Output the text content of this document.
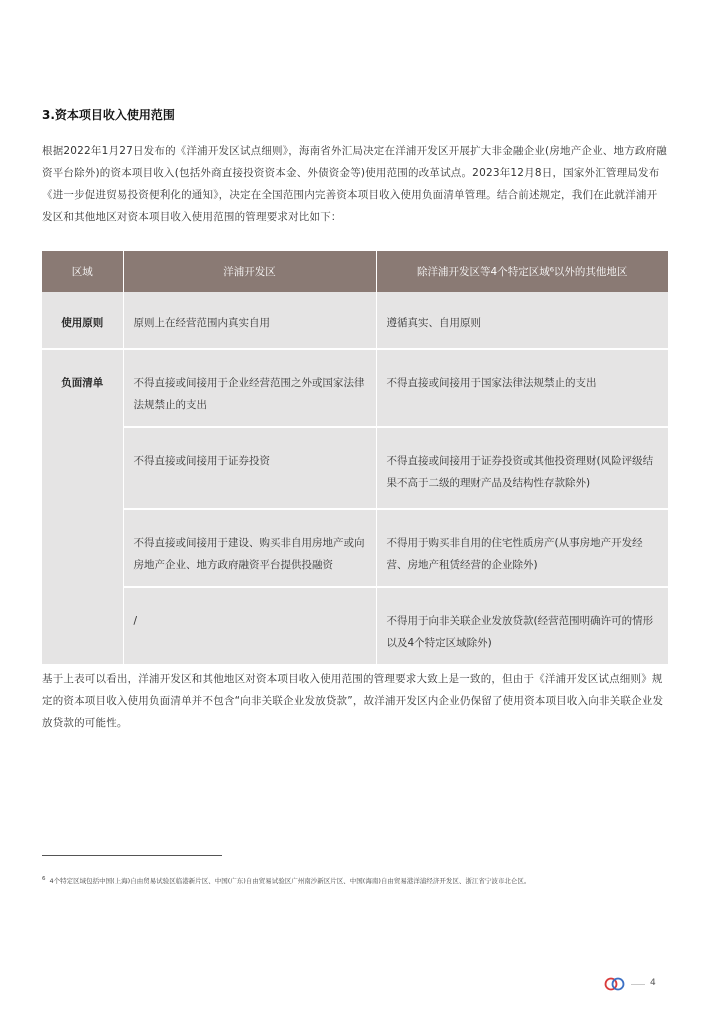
3.资本项目收入使用范围
根据2022年1月27日发布的《洋浦开发区试点细则》，海南省外汇局决定在洋浦开发区开展扩大非金融企业(房地产企业、地方政府融资平台除外)的资本项目收入(包括外商直接投资资本金、外债资金等)使用范围的改革试点。2023年12月8日，国家外汇管理局发布《进一步促进贸易投资便利化的通知》，决定在全国范围内完善资本项目收入使用负面清单管理。结合前述规定，我们在此就洋浦开发区和其他地区对资本项目收入使用范围的管理要求对比如下：
区域	洋浦开发区	除洋浦开发区等4个特定区域⁶以外的其他地区
使用原则	原则上在经营范围内真实自用	遵循真实、自用原则
负面清单	不得直接或间接用于企业经营范围之外或国家法律法规禁止的支出	不得直接或间接用于国家法律法规禁止的支出
	不得直接或间接用于证券投资	不得直接或间接用于证券投资或其他投资理财(风险评级结果不高于二级的理财产品及结构性存款除外)
	不得直接或间接用于建设、购买非自用房地产或向房地产企业、地方政府融资平台提供投融资	不得用于购买非自用的住宅性质房产(从事房地产开发经营、房地产租赁经营的企业除外)
	/	不得用于向非关联企业发放贷款(经营范围明确许可的情形以及4个特定区域除外)
基于上表可以看出，洋浦开发区和其他地区对资本项目收入使用范围的管理要求大致上是一致的，但由于《洋浦开发区试点细则》规定的资本项目收入使用负面清单并不包含“向非关联企业发放贷款”，故洋浦开发区内企业仍保留了使用资本项目收入向非关联企业发放贷款的可能性。
$^6$ 4个特定区域包括中国(上海)自由贸易试验区临港新片区、中国(广东)自由贸易试验区广州南沙新区片区、中国(海南)自由贸易港洋浦经济开发区、浙江省宁波市北仑区。
4
